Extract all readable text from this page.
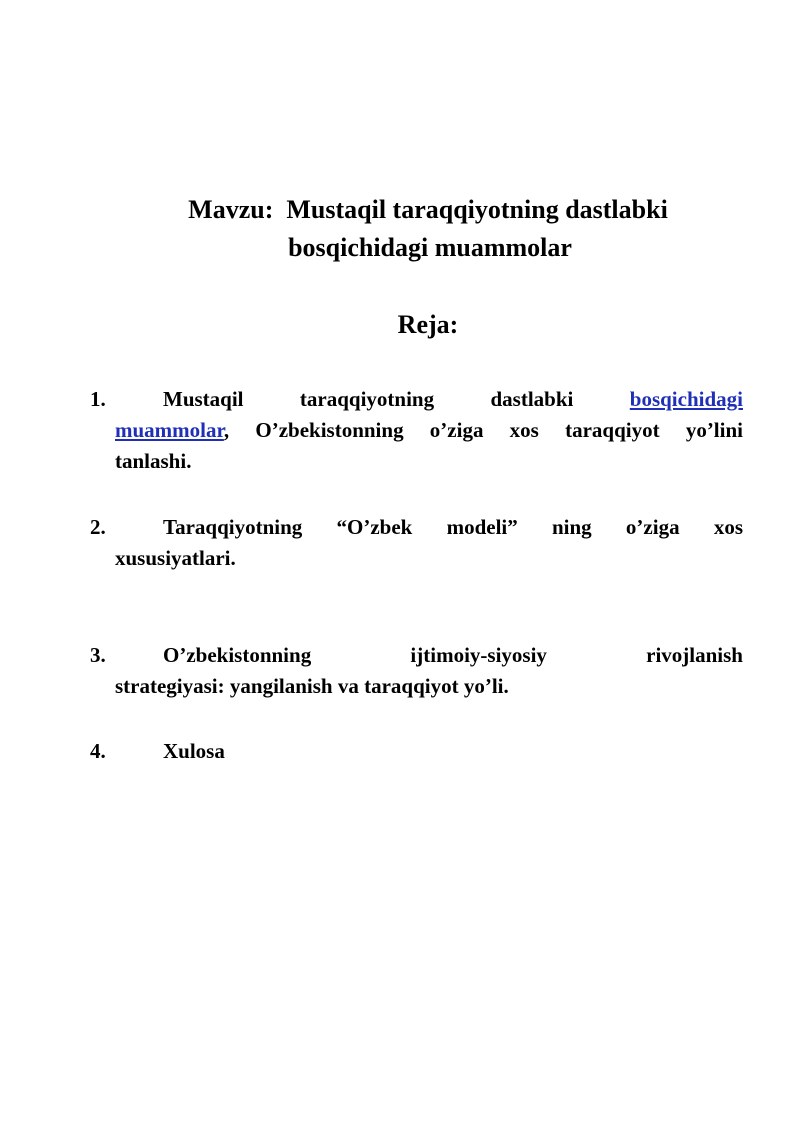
Mavzu:  Mustaqil taraqqiyotning dastlabki
bosqichidagi muammolar
Reja:
1.	Mustaqil taraqqiyotning dastlabki	bosqichidagi
muammolar, O’zbekistonning o’ziga xos taraqqiyot yo’lini
tanlashi.
2.	Taraqqiyotning “O’zbek modeli” ning o’ziga xos
xususiyatlari.
3.	O’zbekistonning ijtimoiy-siyosiy rivojlanish
strategiyasi: yangilanish va taraqqiyot yo’li.
4.	Xulosa
